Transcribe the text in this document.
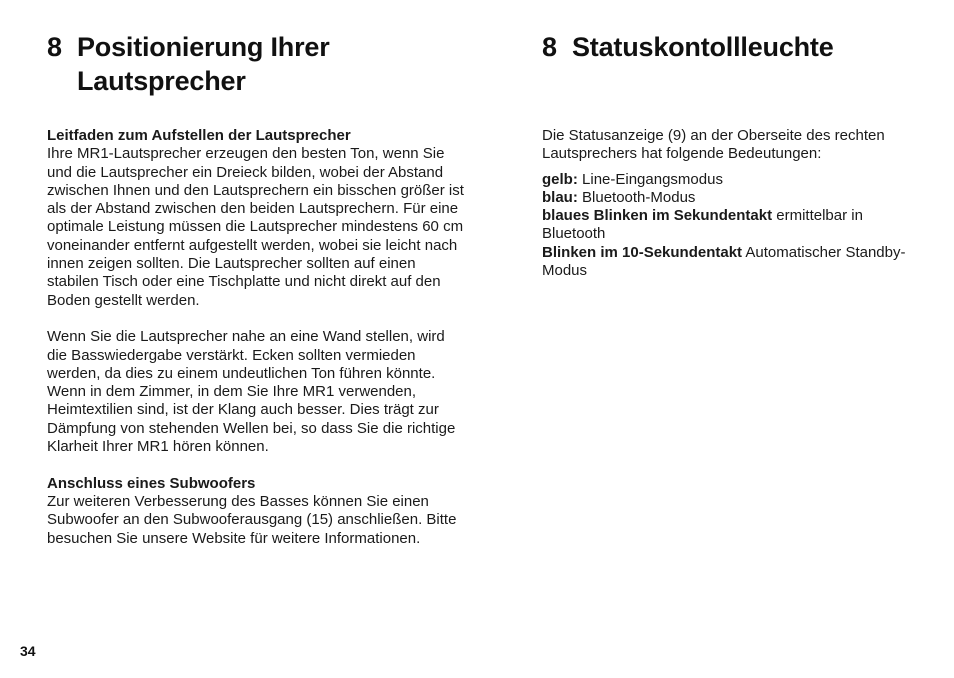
8 Positionierung Ihrer
Lautsprecher

Leitfaden zum Aufstellen der Lautsprecher

Ihre MR1-Lautsprecher erzeugen den besten Ton, wenn Sie und die Lautsprecher ein Dreieck bilden, wobei der Abstand zwischen Ihnen und den Lautsprechern ein bisschen größer ist als der Abstand zwischen den beiden Lautsprechern. Für eine optimale Leistung müssen die Lautsprecher mindestens 60 cm voneinander entfernt aufgestellt werden, wobei sie leicht nach innen zeigen sollten. Die Lautsprecher sollten auf einen stabilen Tisch oder eine Tischplatte und nicht direkt auf den Boden gestellt werden.

Wenn Sie die Lautsprecher nahe an eine Wand stellen, wird die Basswiedergabe verstärkt. Ecken sollten vermieden werden, da dies zu einem undeutlichen Ton führen könnte. Wenn in dem Zimmer, in dem Sie Ihre MR1 verwenden, Heimtextilien sind, ist der Klang auch besser. Dies trägt zur Dämpfung von stehenden Wellen bei, so dass Sie die richtige Klarheit Ihrer MR1 hören können.

Anschluss eines Subwoofers

Zur weiteren Verbesserung des Basses können Sie einen Subwoofer an den Subwooferausgang (15) anschließen. Bitte besuchen Sie unsere Website für weitere Informationen.

8 Statuskontollleuchte

Die Statusanzeige (9) an der Oberseite des rechten Lautsprechers hat folgende Bedeutungen:

gelb: Line-Eingangsmodus

blau: Bluetooth-Modus

blaues Blinken im Sekundentakt ermittelbar in Bluetooth

Blinken im 10-Sekundentakt Automatischer Standby-Modus

34
